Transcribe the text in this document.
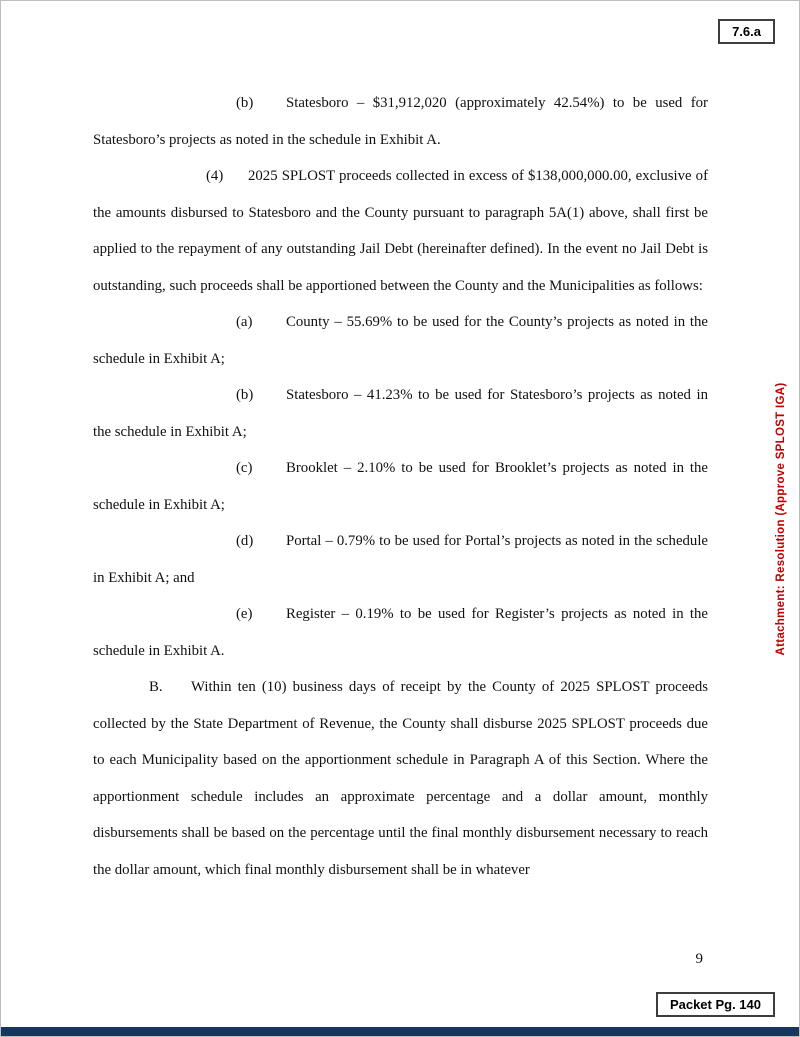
7.6.a

(b) Statesboro – $31,912,020 (approximately 42.54%) to be used for Statesboro’s projects as noted in the schedule in Exhibit A.

(4) 2025 SPLOST proceeds collected in excess of $138,000,000.00, exclusive of the amounts disbursed to Statesboro and the County pursuant to paragraph 5A(1) above, shall first be applied to the repayment of any outstanding Jail Debt (hereinafter defined). In the event no Jail Debt is outstanding, such proceeds shall be apportioned between the County and the Municipalities as follows:

(a) County – 55.69% to be used for the County’s projects as noted in the schedule in Exhibit A;

(b) Statesboro – 41.23% to be used for Statesboro’s projects as noted in the schedule in Exhibit A;

(c) Brooklet – 2.10% to be used for Brooklet’s projects as noted in the schedule in Exhibit A;

(d) Portal – 0.79% to be used for Portal’s projects as noted in the schedule in Exhibit A; and

(e) Register – 0.19% to be used for Register’s projects as noted in the schedule in Exhibit A.

B. Within ten (10) business days of receipt by the County of 2025 SPLOST proceeds collected by the State Department of Revenue, the County shall disburse 2025 SPLOST proceeds due to each Municipality based on the apportionment schedule in Paragraph A of this Section. Where the apportionment schedule includes an approximate percentage and a dollar amount, monthly disbursements shall be based on the percentage until the final monthly disbursement necessary to reach the dollar amount, which final monthly disbursement shall be in whatever

Attachment: Resolution (Approve SPLOST IGA)
9
Packet Pg. 140
